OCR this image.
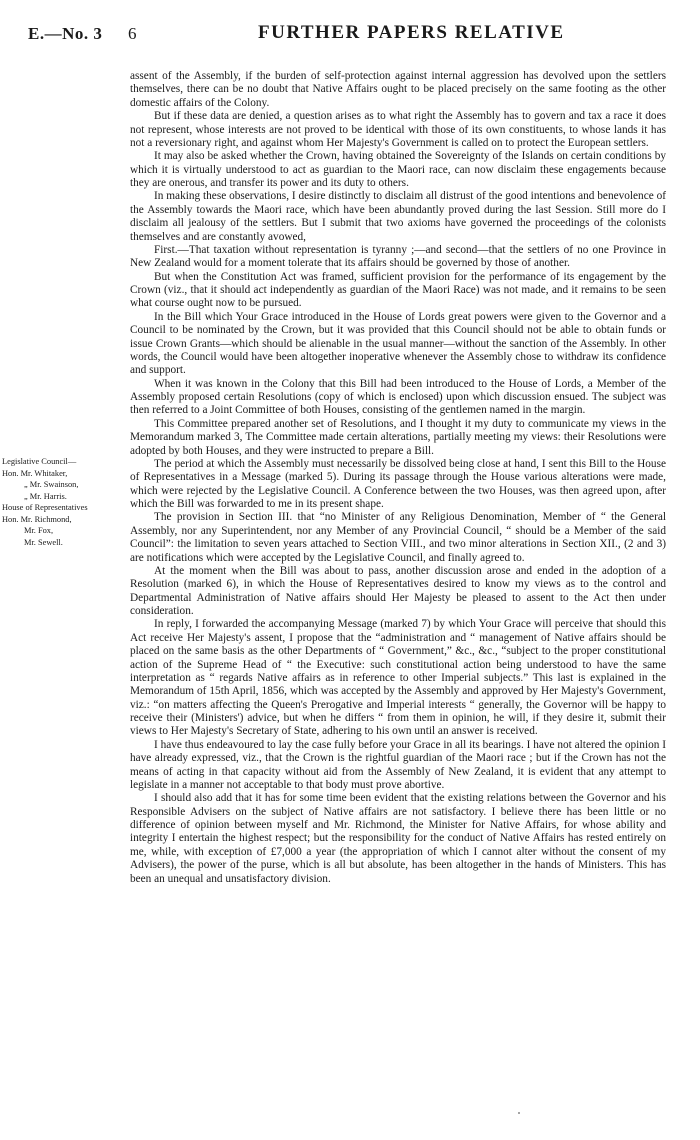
E.—No. 3 6	FURTHER PAPERS RELATIVE
Legislative Council—
Hon. Mr. Whitaker,
„ Mr. Swainson,
„ Mr. Harris.
House of Representatives
Hon. Mr. Richmond,
Mr. Fox,
Mr. Sewell.

assent of the Assembly, if the burden of self-protection against internal aggression has devolved upon the settlers themselves, there can be no doubt that Native Affairs ought to be placed precisely on the same footing as the other domestic affairs of the Colony.

But if these data are denied, a question arises as to what right the Assembly has to govern and tax a race it does not represent, whose interests are not proved to be identical with those of its own constituents, to whose lands it has not a reversionary right, and against whom Her Majesty's Government is called on to protect the European settlers.

It may also be asked whether the Crown, having obtained the Sovereignty of the Islands on certain conditions by which it is virtually understood to act as guardian to the Maori race, can now disclaim these engagements because they are onerous, and transfer its power and its duty to others.

In making these observations, I desire distinctly to disclaim all distrust of the good intentions and benevolence of the Assembly towards the Maori race, which have been abundantly proved during the last Session. Still more do I disclaim all jealousy of the settlers. But I submit that two axioms have governed the proceedings of the colonists themselves and are constantly avowed,

First.—That taxation without representation is tyranny ;—and second—that the settlers of no one Province in New Zealand would for a moment tolerate that its affairs should be governed by those of another.

But when the Constitution Act was framed, sufficient provision for the performance of its engagement by the Crown (viz., that it should act independently as guardian of the Maori Race) was not made, and it remains to be seen what course ought now to be pursued.

In the Bill which Your Grace introduced in the House of Lords great powers were given to the Governor and a Council to be nominated by the Crown, but it was provided that this Council should not be able to obtain funds or issue Crown Grants—which should be alienable in the usual manner—without the sanction of the Assembly. In other words, the Council would have been altogether inoperative whenever the Assembly chose to withdraw its confidence and support.

When it was known in the Colony that this Bill had been introduced to the House of Lords, a Member of the Assembly proposed certain Resolutions (copy of which is enclosed) upon which discussion ensued. The subject was then referred to a Joint Committee of both Houses, consisting of the gentlemen named in the margin.

This Committee prepared another set of Resolutions, and I thought it my duty to communicate my views in the Memorandum marked 3, The Committee made certain alterations, partially meeting my views: their Resolutions were adopted by both Houses, and they were instructed to prepare a Bill.

The period at which the Assembly must necessarily be dissolved being close at hand, I sent this Bill to the House of Representatives in a Message (marked 5). During its passage through the House various alterations were made, which were rejected by the Legislative Council. A Conference between the two Houses, was then agreed upon, after which the Bill was forwarded to me in its present shape.

The provision in Section III. that “no Minister of any Religious Denomination, Member of “ the General Assembly, nor any Superintendent, nor any Member of any Provincial Council, “ should be a Member of the said Council”: the limitation to seven years attached to Section VIII., and two minor alterations in Section XII., (2 and 3) are notifications which were accepted by the Legislative Council, and finally agreed to.

At the moment when the Bill was about to pass, another discussion arose and ended in the adoption of a Resolution (marked 6), in which the House of Representatives desired to know my views as to the control and Departmental Administration of Native affairs should Her Majesty be pleased to assent to the Act then under consideration.

In reply, I forwarded the accompanying Message (marked 7) by which Your Grace will perceive that should this Act receive Her Majesty's assent, I propose that the “administration and “ management of Native affairs should be placed on the same basis as the other Departments of “ Government,” &c., &c., “subject to the proper constitutional action of the Supreme Head of “ the Executive: such constitutional action being understood to have the same interpretation as “ regards Native affairs as in reference to other Imperial subjects.” This last is explained in the Memorandum of 15th April, 1856, which was accepted by the Assembly and approved by Her Majesty's Government, viz.: “on matters affecting the Queen's Prerogative and Imperial interests “ generally, the Governor will be happy to receive their (Ministers') advice, but when he differs “ from them in opinion, he will, if they desire it, submit their views to Her Majesty's Secretary of State, adhering to his own until an answer is received.

I have thus endeavoured to lay the case fully before your Grace in all its bearings. I have not altered the opinion I have already expressed, viz., that the Crown is the rightful guardian of the Maori race ; but if the Crown has not the means of acting in that capacity without aid from the Assembly of New Zealand, it is evident that any attempt to legislate in a manner not acceptable to that body must prove abortive.

I should also add that it has for some time been evident that the existing relations between the Governor and his Responsible Advisers on the subject of Native affairs are not satisfactory. I believe there has been little or no difference of opinion between myself and Mr. Richmond, the Minister for Native Affairs, for whose ability and integrity I entertain the highest respect; but the responsibility for the conduct of Native Affairs has rested entirely on me, while, with exception of £7,000 a year (the appropriation of which I cannot alter without the consent of my Advisers), the power of the purse, which is all but absolute, has been altogether in the hands of Ministers. This has been an unequal and unsatisfactory division.
